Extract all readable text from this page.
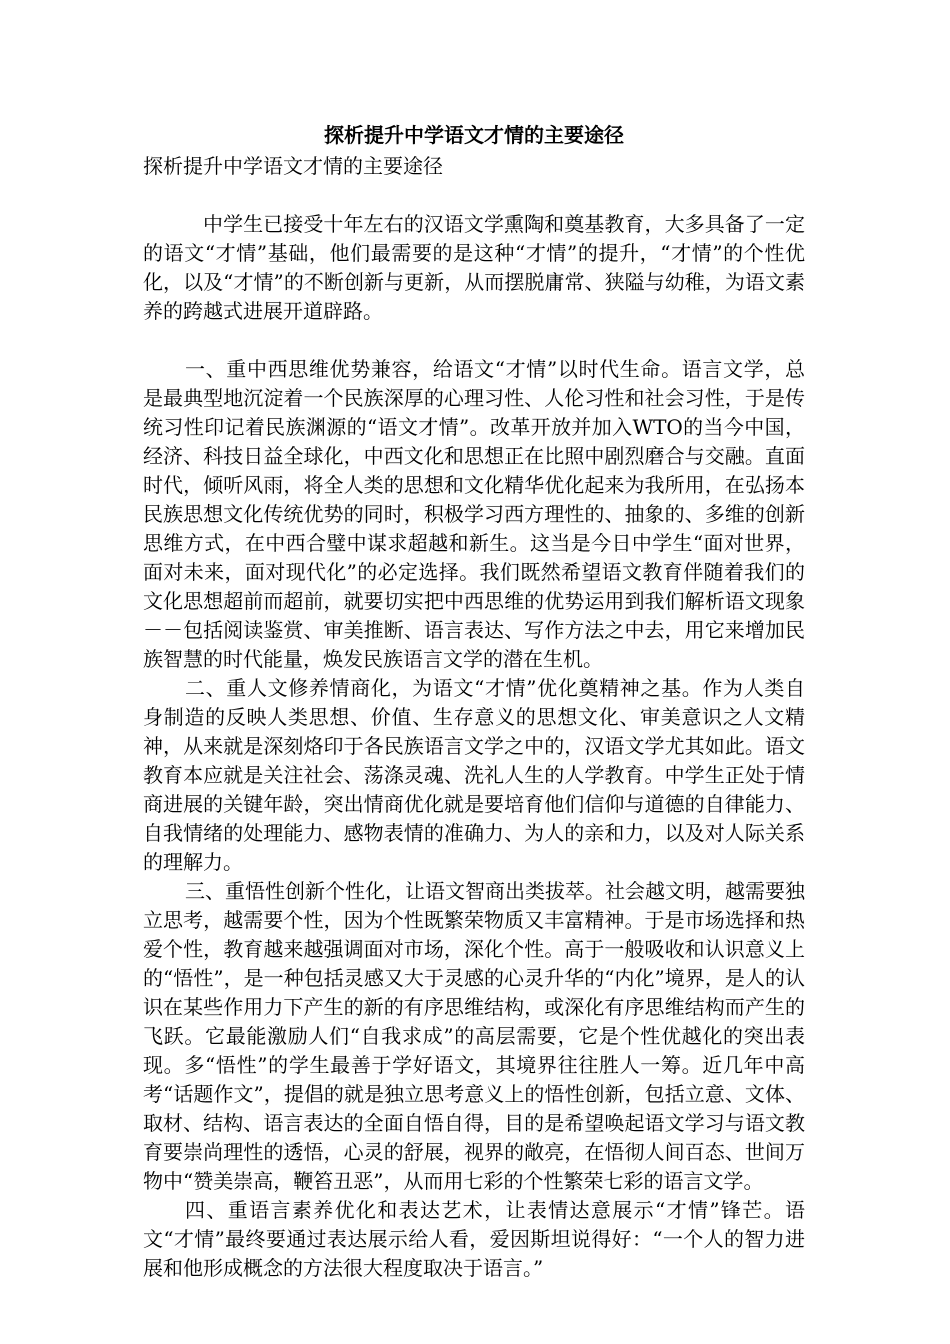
探析提升中学语文才情的主要途径

探析提升中学语文才情的主要途径

中学生已接受十年左右的汉语文学熏陶和奠基教育，大多具备了一定的语文“才情”基础，他们最需要的是这种“才情”的提升，“才情”的个性优化，以及“才情”的不断创新与更新，从而摆脱庸常、狭隘与幼稚，为语文素养的跨越式进展开道辟路。

一、重中西思维优势兼容，给语文“才情”以时代生命。语言文学，总是最典型地沉淀着一个民族深厚的心理习性、人伦习性和社会习性，于是传统习性印记着民族渊源的“语文才情”。改革开放并加入WTO的当今中国，经济、科技日益全球化，中西文化和思想正在比照中剧烈磨合与交融。直面时代，倾听风雨，将全人类的思想和文化精华优化起来为我所用，在弘扬本民族思想文化传统优势的同时，积极学习西方理性的、抽象的、多维的创新思维方式，在中西合璧中谋求超越和新生。这当是今日中学生“面对世界，面对未来，面对现代化”的必定选择。我们既然希望语文教育伴随着我们的文化思想超前而超前，就要切实把中西思维的优势运用到我们解析语文现象－－包括阅读鉴赏、审美推断、语言表达、写作方法之中去，用它来增加民族智慧的时代能量，焕发民族语言文学的潜在生机。

二、重人文修养情商化，为语文“才情”优化奠精神之基。作为人类自身制造的反映人类思想、价值、生存意义的思想文化、审美意识之人文精神，从来就是深刻烙印于各民族语言文学之中的，汉语文学尤其如此。语文教育本应就是关注社会、荡涤灵魂、洗礼人生的人学教育。中学生正处于情商进展的关键年龄，突出情商优化就是要培育他们信仰与道德的自律能力、自我情绪的处理能力、感物表情的准确力、为人的亲和力，以及对人际关系的理解力。

三、重悟性创新个性化，让语文智商出类拔萃。社会越文明，越需要独立思考，越需要个性，因为个性既繁荣物质又丰富精神。于是市场选择和热爱个性，教育越来越强调面对市场，深化个性。高于一般吸收和认识意义上的“悟性”，是一种包括灵感又大于灵感的心灵升华的“内化”境界，是人的认识在某些作用力下产生的新的有序思维结构，或深化有序思维结构而产生的飞跃。它最能激励人们“自我求成”的高层需要，它是个性优越化的突出表现。多“悟性”的学生最善于学好语文，其境界往往胜人一筹。近几年中高考“话题作文”，提倡的就是独立思考意义上的悟性创新，包括立意、文体、取材、结构、语言表达的全面自悟自得，目的是希望唤起语文学习与语文教育要崇尚理性的透悟，心灵的舒展，视界的敞亮，在悟彻人间百态、世间万物中“赞美崇高，鞭笞丑恶”，从而用七彩的个性繁荣七彩的语言文学。

四、重语言素养优化和表达艺术，让表情达意展示“才情”锋芒。语文“才情”最终要通过表达展示给人看，爱因斯坦说得好：“一个人的智力进展和他形成概念的方法很大程度取决于语言。”
